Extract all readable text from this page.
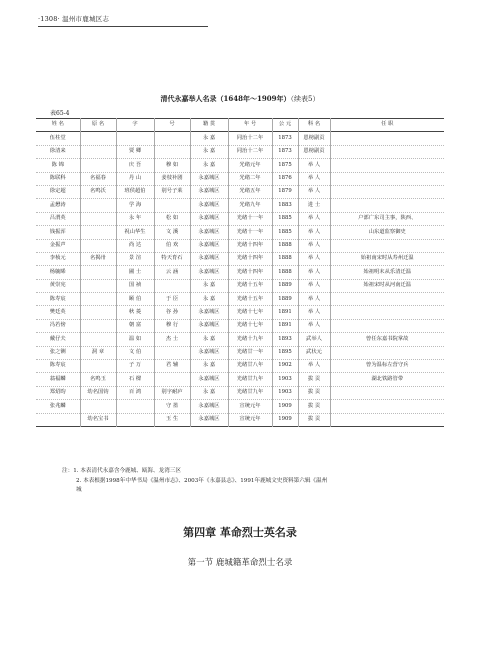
·1308· 温州市鹿城区志
清代永嘉举人名录（1648年～1909年）（续表5）
表65-4
姓 名	原 名	字	号	籍 贯	年 号	公 元	科 名	任 职
伍柱堂				永 嘉	同治十二年	1873	恩榜副贡	
徐清来		贾 卿		永 嘉	同治十二年	1873	恩榜副贡	
陈 锦		庆 吾	穆 如	永 嘉	光绪元年	1875	举 人	
陈联科	名福春	丹 山	姜枝补剧	永嘉城区	光绪二年	1876	举 人	
徐定超	名鸣沃	班侯超伯	别号子莱	永嘉城区	光绪五年	1879	举 人	
孟懋涛		学 海		永嘉城区	光绪九年	1883	进 士	
吕渭英		永 年	松 如	永嘉城区	光绪十一年	1885	举 人	户部广东司主事，陕西、
钱振浑		祝山华生	文 溪	永嘉城区	光绪十一年	1885	举 人	山东道监察御史
金振声		尚 达	伯 欢	永嘉城区	光绪十四年	1888	举 人	
李桢元	名揭卅	景 渲	特天育石	永嘉城区	光绪十四年	1888	举 人	始祖南宋时从寿州迁温
杨毓晞		圃 士	云 涵	永嘉城区	光绪十四年	1888	举 人	始祖明末从乐清迁温
黄崇宪		国 祯		永 嘉	光绪十五年	1889	举 人	始祖宋时从河南迁温
陈寿宸		颐 伯	于 臣	永 嘉	光绪十五年	1889	举 人	
樊廷英		秋 菱	谷 孙	永嘉城区	光绪十七年	1891	举 人	
冯若傍		朝 富	穆 行	永嘉城区	光绪十七年	1891	举 人	
戴仔夫		温 如	杰 士	永 嘉	光绪十九年	1893	武举人	曾任东嘉书院掌故
张之铡	洞 章	文 伯		永嘉城区	光绪廿一年	1895	武状元	
陈寿宸		子 万	君 辅	永 嘉	光绪廿八年	1902	举 人	曾为温标左营守兵
翁福麟	名鸣玉	石 樑		永嘉城区	光绪廿九年	1903	拔 贡	湖北铁路管带
郑炤昀	幼名国钧	百 鸿	别字耐庐	永 嘉	光绪廿九年	1903	拔 贡	
张兆麟			守 墨	永嘉城区	宣统元年	1909	拔 贡	
	幼名宝书		玉 生	永嘉城区	宣统元年	1909	拔 贡	

注：1. 本表清代永嘉含今鹿城、瓯海、龙湾三区

2. 本表根据1998年中华书局《温州市志》、2003年《永嘉县志》、1991年鹿城文史资料第六辑《温州

城

第四章 革命烈士英名录
第一节 鹿城籍革命烈士名录
